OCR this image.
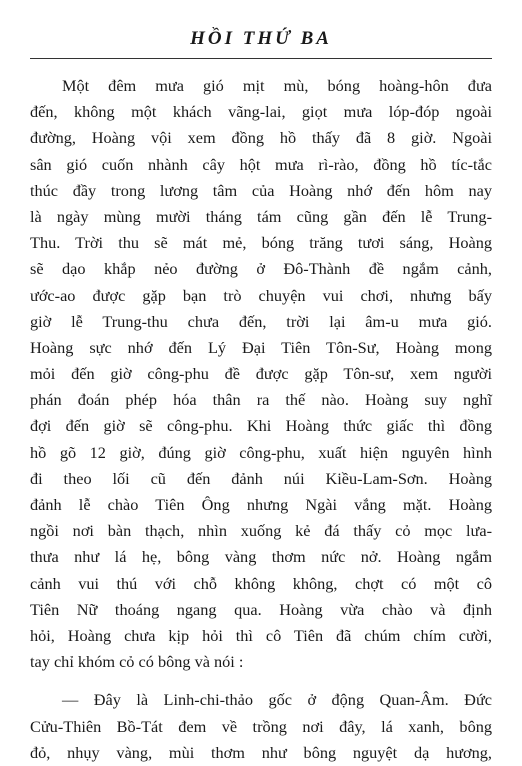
HỒI THỨ BA
Một đêm mưa gió mịt mù, bóng hoàng-hôn đưa
đến, không một khách vãng-lai, giọt mưa lóp-đóp ngoài
đường, Hoàng vội xem đồng hồ thấy đã 8 giờ. Ngoài
sân gió cuốn nhành cây hột mưa rì-rào, đồng hồ tíc-tắc
thúc đầy trong lương tâm của Hoàng nhớ đến hôm nay
là ngày mùng mười tháng tám cũng gần đến lễ Trung-
Thu. Trời thu sẽ mát mẻ, bóng trăng tươi sáng, Hoàng
sẽ dạo khắp nẻo đường ở Đô-Thành đề ngắm cảnh,
ước-ao được gặp bạn trò chuyện vui chơi, nhưng bấy
giờ lễ Trung-thu chưa đến, trời lại âm-u mưa gió.
Hoàng sực nhớ đến Lý Đại Tiên Tôn-Sư, Hoàng mong
mỏi đến giờ công-phu đề được gặp Tôn-sư, xem người
phán đoán phép hóa thân ra thế nào. Hoàng suy nghĩ
đợi đến giờ sẽ công-phu. Khi Hoàng thức giấc thì đồng
hồ gõ 12 giờ, đúng giờ công-phu, xuất hiện nguyên hình
đi theo lối cũ đến đảnh núi Kiều-Lam-Sơn. Hoàng
đảnh lễ chào Tiên Ông nhưng Ngài vắng mặt. Hoàng
ngồi nơi bàn thạch, nhìn xuống kẻ đá thấy cỏ mọc lưa-
thưa như lá hẹ, bông vàng thơm nức nở. Hoàng ngắm
cảnh vui thú với chỗ không không, chợt có một cô
Tiên Nữ thoáng ngang qua. Hoàng vừa chào và định
hỏi, Hoàng chưa kịp hỏi thì cô Tiên đã chúm chím cười,
tay chỉ khóm cỏ có bông và nói :
— Đây là Linh-chi-thảo gốc ở động Quan-Âm. Đức
Cửu-Thiên Bồ-Tát đem về trồng nơi đây, lá xanh, bông
đỏ, nhụy vàng, mùi thơm như bông nguyệt dạ hương,
